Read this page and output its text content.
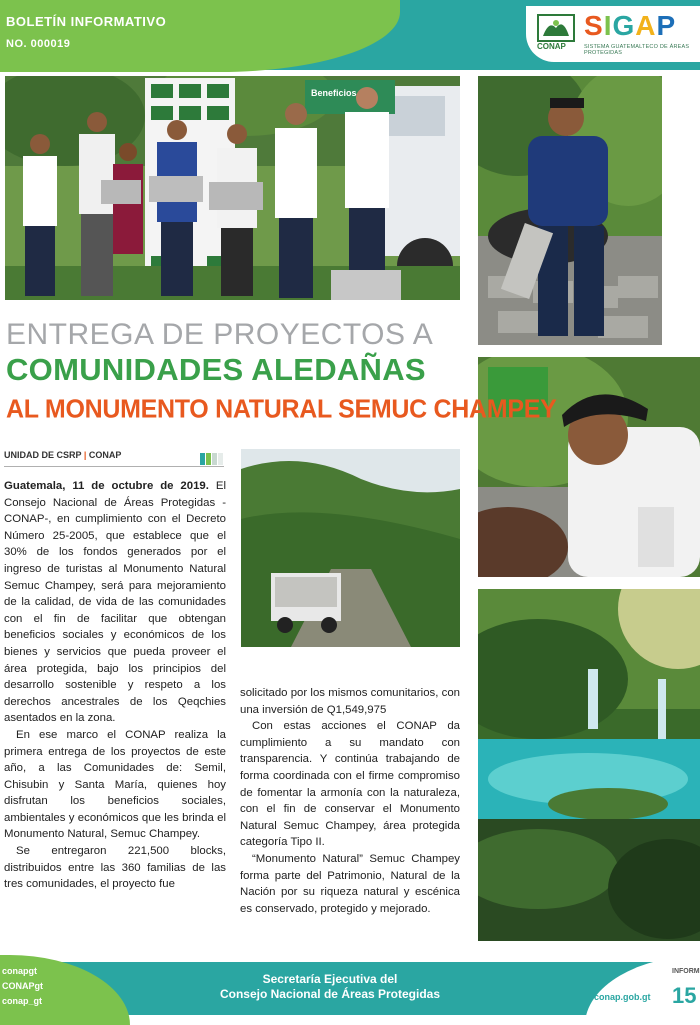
BOLETÍN INFORMATIVO
NO. 000019	CONAP
SIGAP
SISTEMA GUATEMALTECO DE ÁREAS PROTEGIDAS
Beneficios
ENTREGA DE PROYECTOS A
COMUNIDADES ALEDAÑAS
AL MONUMENTO NATURAL SEMUC CHAMPEY
UNIDAD DE CSRP | CONAP

Guatemala, 11 de octubre de 2019. El Consejo Nacional de Áreas Protegidas -CONAP-, en cumplimiento con el Decreto Número 25-2005, que establece que el 30% de los fondos generados por el ingreso de turistas al Monumento Natural Semuc Champey, será para mejoramiento de la calidad, de vida de las comunidades con el fin de facilitar que obtengan beneficios sociales y económicos de los bienes y servicios que pueda proveer el área protegida, bajo los principios del desarrollo sostenible y respeto a los derechos ancestrales de los Qeqchies asentados en la zona.

En ese marco el CONAP realiza la primera entrega de los proyectos de este año, a las Comunidades de: Semil, Chisubin y Santa María, quienes hoy disfrutan los beneficios sociales, ambientales y económicos que les brinda el Monumento Natural, Semuc Champey.

Se entregaron 221,500 blocks, distribuidos entre las 360 familias de las tres comunidades, el proyecto fue

solicitado por los mismos comunitarios, con una inversión de Q1,549,975

Con estas acciones el CONAP da cumplimiento a su mandato con transparencia. Y continúa trabajando de forma coordinada con el firme compromiso de fomentar la armonía con la naturaleza, con el fin de conservar el Monumento Natural Semuc Champey, área protegida categoría Tipo II.

“Monumento Natural” Semuc Champey forma parte del Patrimonio, Natural de la Nación por su riqueza natural y escénica es conservado, protegido y mejorado.

conapgt
CONAPgt
conap_gt
Secretaría Ejecutiva del
Consejo Nacional de Áreas Protegidas	conap.gob.gt
INFORM
15
